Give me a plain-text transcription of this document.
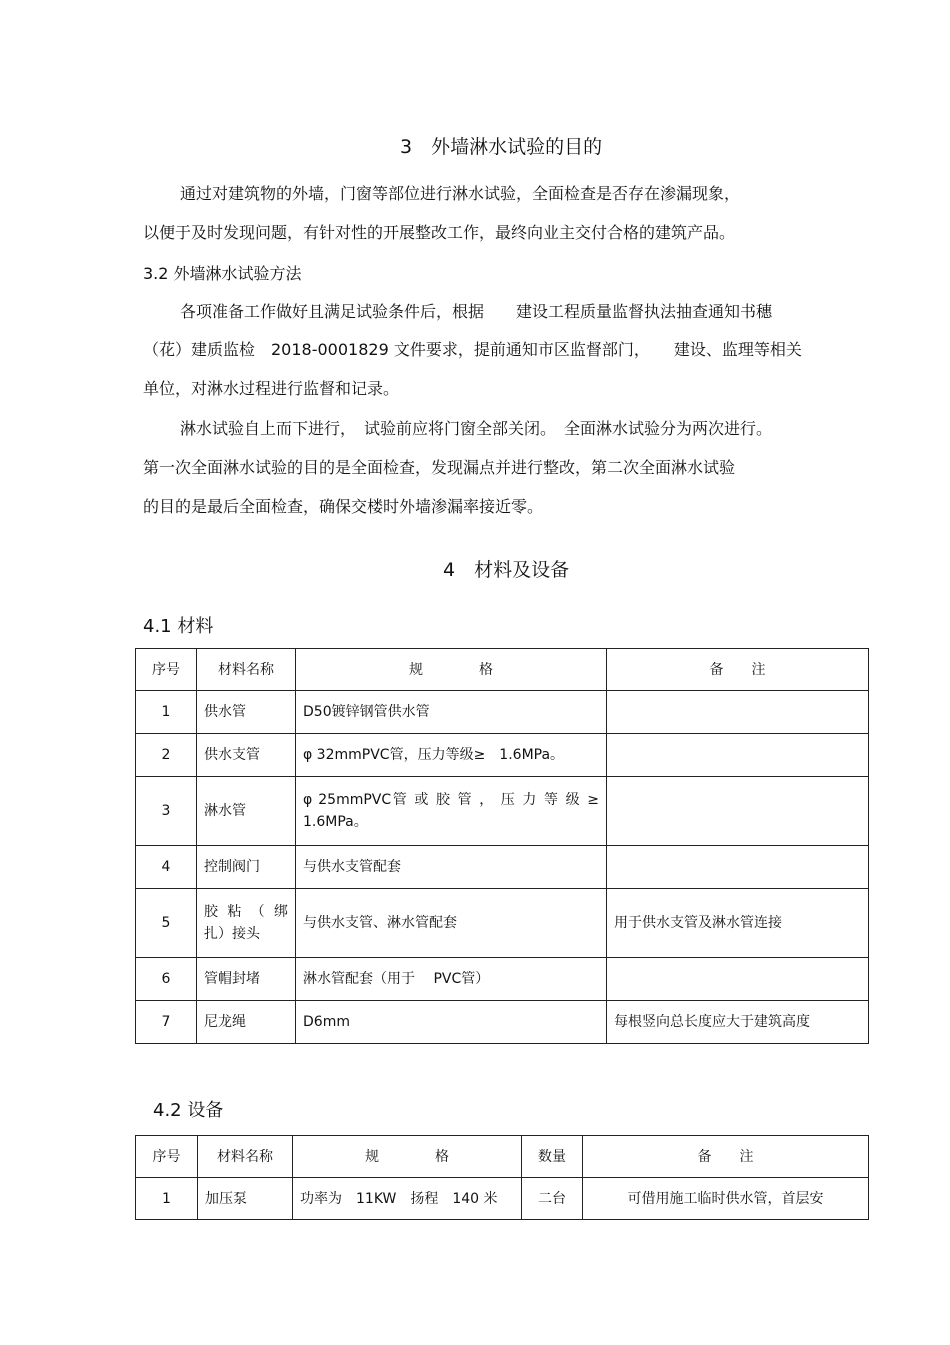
3　外墙淋水试验的目的
通过对建筑物的外墙，门窗等部位进行淋水试验，全面检查是否存在渗漏现象，
以便于及时发现问题，有针对性的开展整改工作，最终向业主交付合格的建筑产品。
3.2 外墙淋水试验方法
各项准备工作做好且满足试验条件后，根据　　建设工程质量监督执法抽查通知书穗
（花）建质监检　2018-0001829 文件要求，提前通知市区监督部门，　　建设、监理等相关
单位，对淋水过程进行监督和记录。
淋水试验自上而下进行，　试验前应将门窗全部关闭。　全面淋水试验分为两次进行。
第一次全面淋水试验的目的是全面检查，发现漏点并进行整改，第二次全面淋水试验
的目的是最后全面检查，确保交楼时外墙渗漏率接近零。
4　材料及设备
4.1 材料
序号	材料名称	规　　　　格	备　　注
1	供水管	D50镀锌钢管供水管	
2	供水支管	φ 32mmPVC管，压力等级≥　1.6MPa。	
3	淋水管	φ 25mmPVC管 或 胶 管 ， 压 力 等 级 ≥
1.6MPa。	

4	控制阀门	与供水支管配套	
5	胶 粘 （ 绑
扎）接头	与供水支管、淋水管配套	用于供水支管及淋水管连接
6	管帽封堵	淋水管配套（用于　 PVC管）	
7	尼龙绳	D6mm	每根竖向总长度应大于建筑高度
4.2 设备
序号	材料名称	规　　　　格	数量	备　　注
1	加压泵	功率为　11KW　扬程　140 米	二台	可借用施工临时供水管，首层安
